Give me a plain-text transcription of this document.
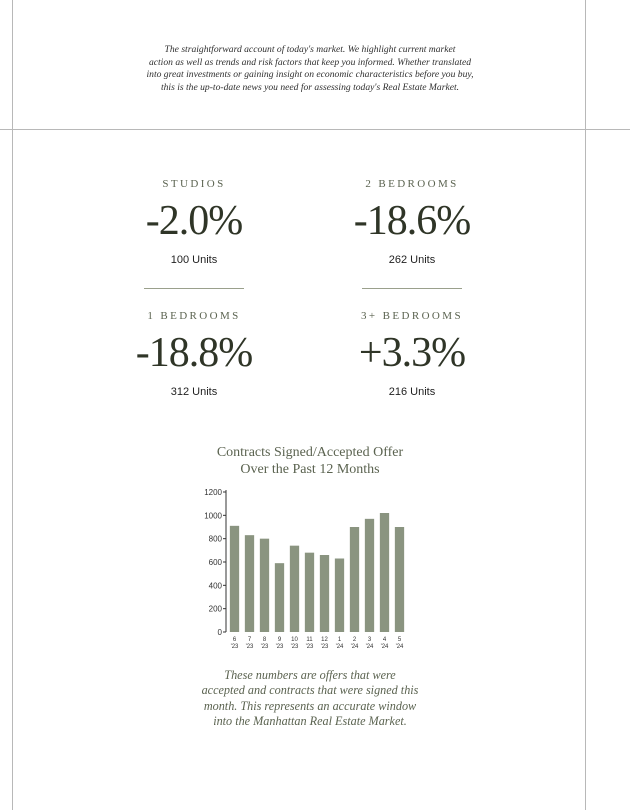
The straightforward account of today's market. We highlight current market
action as well as trends and risk factors that keep you informed. Whether translated
into great investments or gaining insight on economic characteristics before you buy,
this is the up-to-date news you need for assessing today's Real Estate Market.
STUDIOS
-2.0%
100 Units
2 BEDROOMS
-18.6%
262 Units
1 BEDROOMS
-18.8%
312 Units
3+ BEDROOMS
+3.3%
216 Units
Contracts Signed/Accepted Offer
Over the Past 12 Months
0
200
400
600
800
1000
1200
6 '23
7 '23
8 '23
9 '23
10 '23
11 '23
12 '23
1 '24
2 '24
3 '24
4 '24
5 '24
These numbers are offers that were
accepted and contracts that were signed this
month. This represents an accurate window
into the Manhattan Real Estate Market.
